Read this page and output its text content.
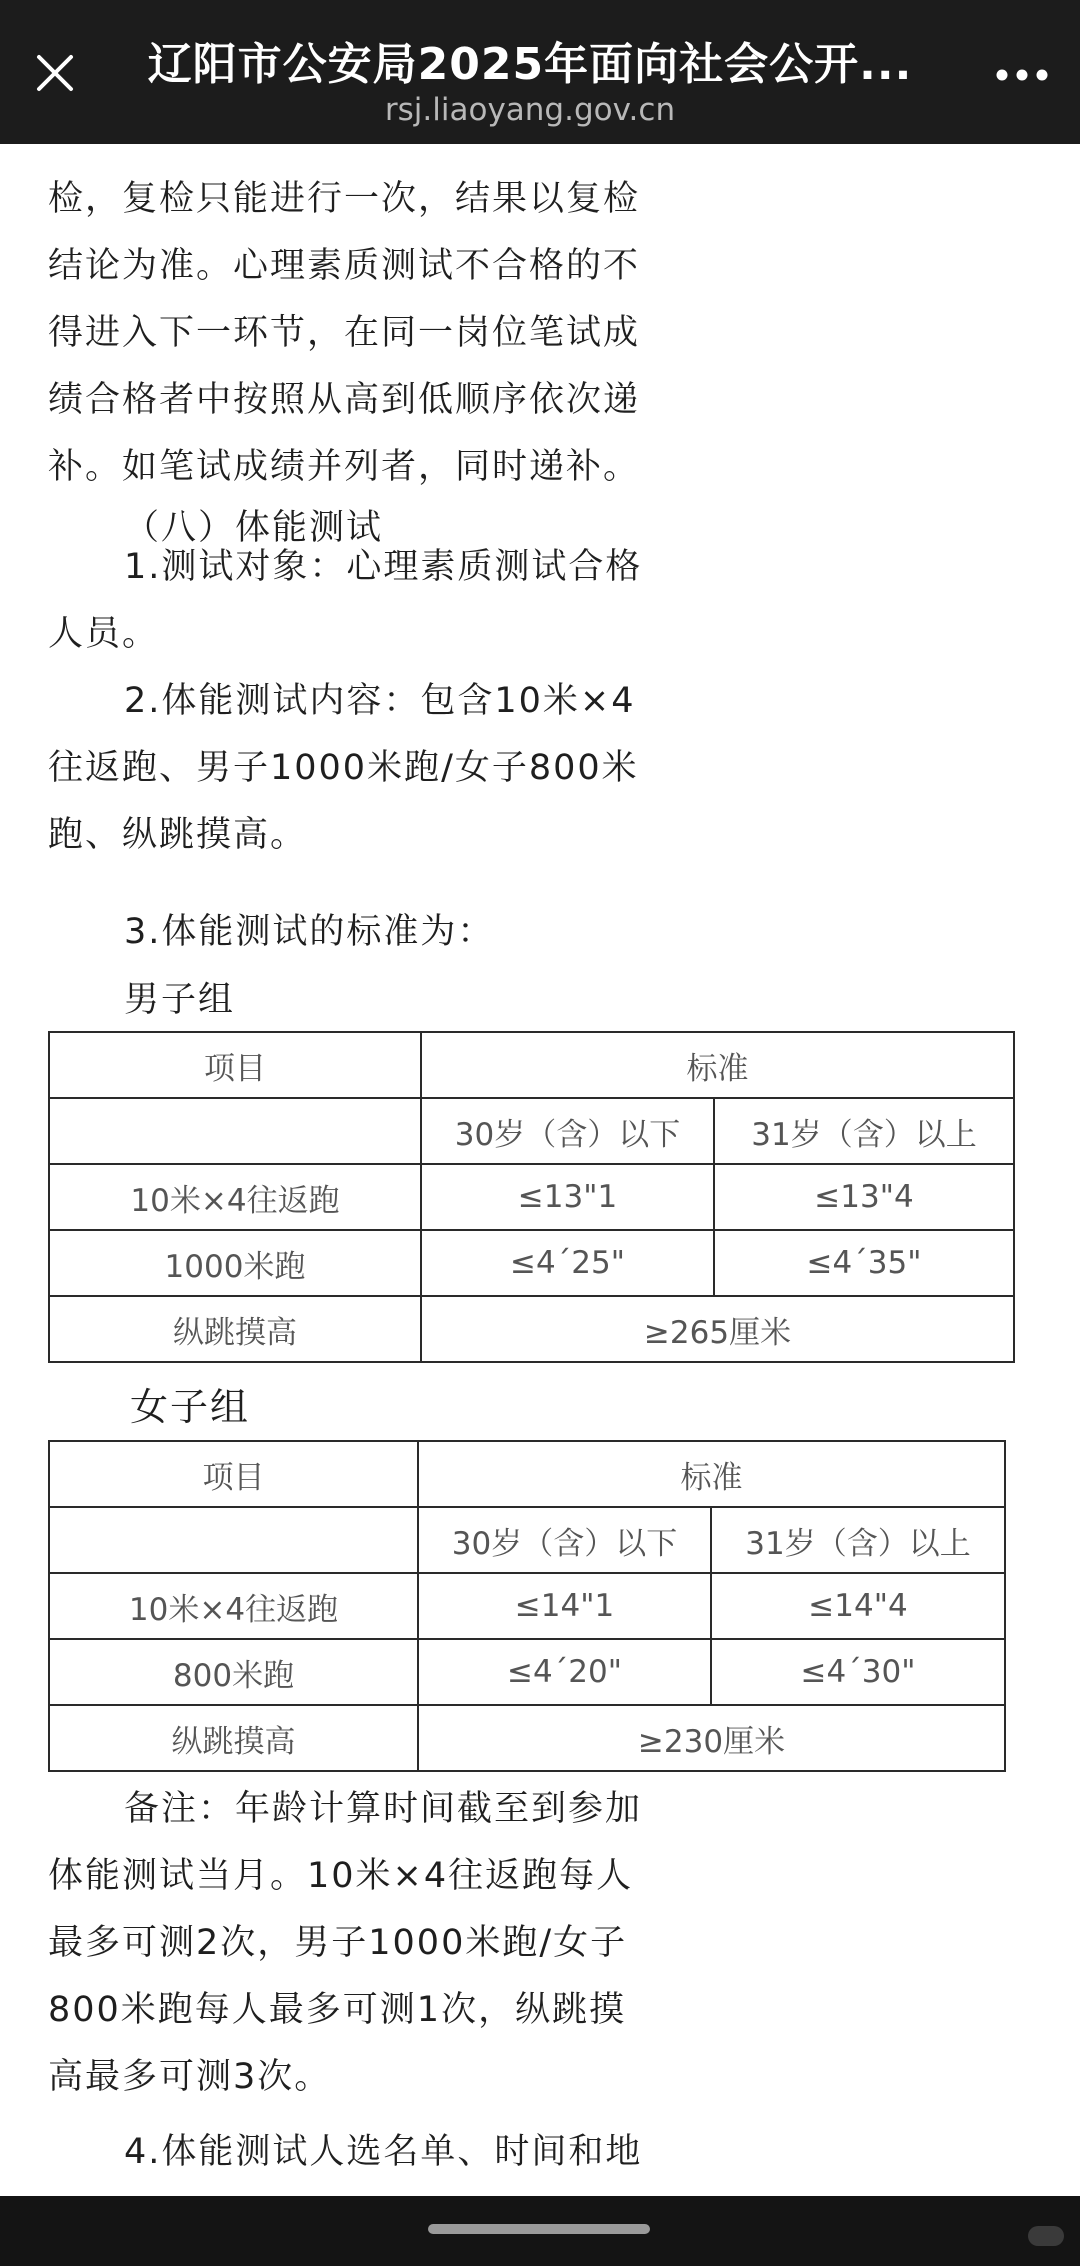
辽阳市公安局2025年面向社会公开...
rsj.liaoyang.gov.cn
检，复检只能进行一次，结果以复检结论为准。心理素质测试不合格的不得进入下一环节，在同一岗位笔试成绩合格者中按照从高到低顺序依次递补。如笔试成绩并列者，同时递补。
（八）体能测试
1.测试对象：心理素质测试合格人员。
2.体能测试内容：包含10米×4往返跑、男子1000米跑/女子800米跑、纵跳摸高。
3.体能测试的标准为：
男子组
项目	标准	
	30岁（含）以下	31岁（含）以上
10米×4往返跑	≤13"1	≤13"4
1000米跑	≤4´25"	≤4´35"
纵跳摸高	≥265厘米	
女子组
项目	标准	
	30岁（含）以下	31岁（含）以上
10米×4往返跑	≤14"1	≤14"4
800米跑	≤4´20"	≤4´30"
纵跳摸高	≥230厘米	
备注：年龄计算时间截至到参加体能测试当月。10米×4往返跑每人最多可测2次，男子1000米跑/女子800米跑每人最多可测1次，纵跳摸高最多可测3次。
4.体能测试人选名单、时间和地
